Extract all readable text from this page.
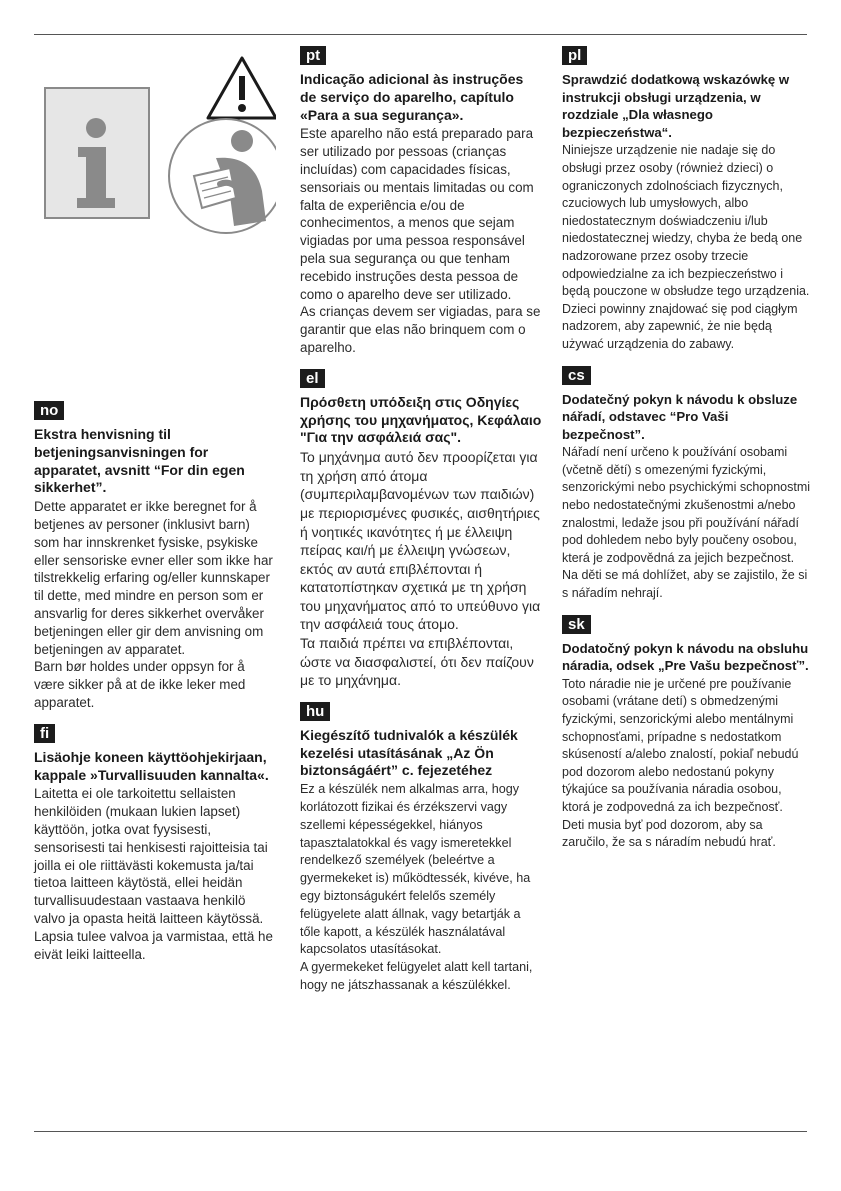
no
Ekstra henvisning til betjeningsanvisningen for apparatet, avsnitt “For din egen sikkerhet”.

Dette apparatet er ikke beregnet for å betjenes av personer (inklusivt barn) som har innskrenket fysiske, psykiske eller sensoriske evner eller som ikke har tilstrekkelig erfaring og/eller kunnskaper til dette, med mindre en person som er ansvarlig for deres sikkerhet overvåker betjeningen eller gir dem anvisning om betjeningen av apparatet.

Barn bør holdes under oppsyn for å være sikker på at de ikke leker med apparatet.

fi
Lisäohje koneen käyttöohjekirjaan, kappale »Turvallisuuden kannalta«.

Laitetta ei ole tarkoitettu sellaisten henkilöiden (mukaan lukien lapset) käyttöön, jotka ovat fyysisesti, sensorisesti tai henkisesti rajoitteisia tai joilla ei ole riittävästi kokemusta ja/tai tietoa laitteen käytöstä, ellei heidän turvallisuudestaan vastaava henkilö valvo ja opasta heitä laitteen käytössä.

Lapsia tulee valvoa ja varmistaa, että he eivät leiki laitteella.

pt
Indicação adicional às instruções de serviço do aparelho, capítulo «Para a sua segurança».

Este aparelho não está preparado para ser utilizado por pessoas (crianças incluídas) com capacidades físicas, sensoriais ou mentais limitadas ou com falta de experiência e/ou de conhecimentos, a menos que sejam vigiadas por uma pessoa responsável pela sua segurança ou que tenham recebido instruções desta pessoa de como o aparelho deve ser utilizado.

As crianças devem ser vigiadas, para se garantir que elas não brinquem com o aparelho.

el
Πρόσθετη υπόδειξη στις Οδηγίες χρήσης του μηχανήματος, Κεφάλαιο "Για την ασφάλειά σας".

Το μηχάνημα αυτό δεν προορίζεται για τη χρήση από άτομα (συμπεριλαμβανομένων των παιδιών) με περιορισμένες φυσικές, αισθητήριες ή νοητικές ικανότητες ή με έλλειψη πείρας και/ή με έλλειψη γνώσεων, εκτός αν αυτά επιβλέπονται ή κατατοπίστηκαν σχετικά με τη χρήση του μηχανήματος από το υπεύθυνο για την ασφάλειά τους άτομο.

Τα παιδιά πρέπει να επιβλέπονται, ώστε να διασφαλιστεί, ότι δεν παίζουν με το μηχάνημα.

hu
Kiegészítő tudnivalók a készülék kezelési utasításának „Az Ön biztonságáért” c. fejezetéhez

Ez a készülék nem alkalmas arra, hogy korlátozott fizikai és érzékszervi vagy szellemi képességekkel, hiányos tapasztalatokkal és vagy ismeretekkel rendelkező személyek (beleértve a gyermekeket is) működtessék, kivéve, ha egy biztonságukért felelős személy felügyelete alatt állnak, vagy betartják a tőle kapott, a készülék használatával kapcsolatos utasításokat.

A gyermekeket felügyelet alatt kell tartani, hogy ne játszhassanak a készülékkel.

pl
Sprawdzić dodatkową wskazówkę w instrukcji obsługi urządzenia, w rozdziale „Dla własnego bezpieczeństwa“.

Niniejsze urządzenie nie nadaje się do obsługi przez osoby (również dzieci) o ograniczonych zdolnościach fizycznych, czuciowych lub umysłowych, albo niedostatecznym doświadczeniu i/lub niedostatecznej wiedzy, chyba że bedą one nadzorowane przez osoby trzecie odpowiedzialne za ich bezpieczeństwo i będą pouczone w obsłudze tego urządzenia.

Dzieci powinny znajdować się pod ciągłym nadzorem, aby zapewnić, że nie będą używać urządzenia do zabawy.

cs
Dodatečný pokyn k návodu k obsluze nářadí, odstavec “Pro Vaši bezpečnost”.

Nářadí není určeno k používání osobami (včetně dětí) s omezenými fyzickými, senzorickými nebo psychickými schopnostmi nebo nedostatečnými zkušenostmi a/nebo znalostmi, ledaže jsou při používání nářadí pod dohledem nebo byly poučeny osobou, která je zodpovědná za jejich bezpečnost.

Na děti se má dohlížet, aby se zajistilo, že si s nářadím nehrají.

sk
Dodatočný pokyn k návodu na obsluhu náradia, odsek „Pre Vašu bezpečnosť”.

Toto náradie nie je určené pre používanie osobami (vrátane detí) s obmedzenými fyzickými, senzorickými alebo mentálnymi schopnosťami, prípadne s nedostatkom skúseností a/alebo znalostí, pokiaľ nebudú pod dozorom alebo nedostanú pokyny týkajúce sa používania náradia osobou, ktorá je zodpovedná za ich bezpečnosť.

Deti musia byť pod dozorom, aby sa zaručilo, že sa s náradím nebudú hrať.
